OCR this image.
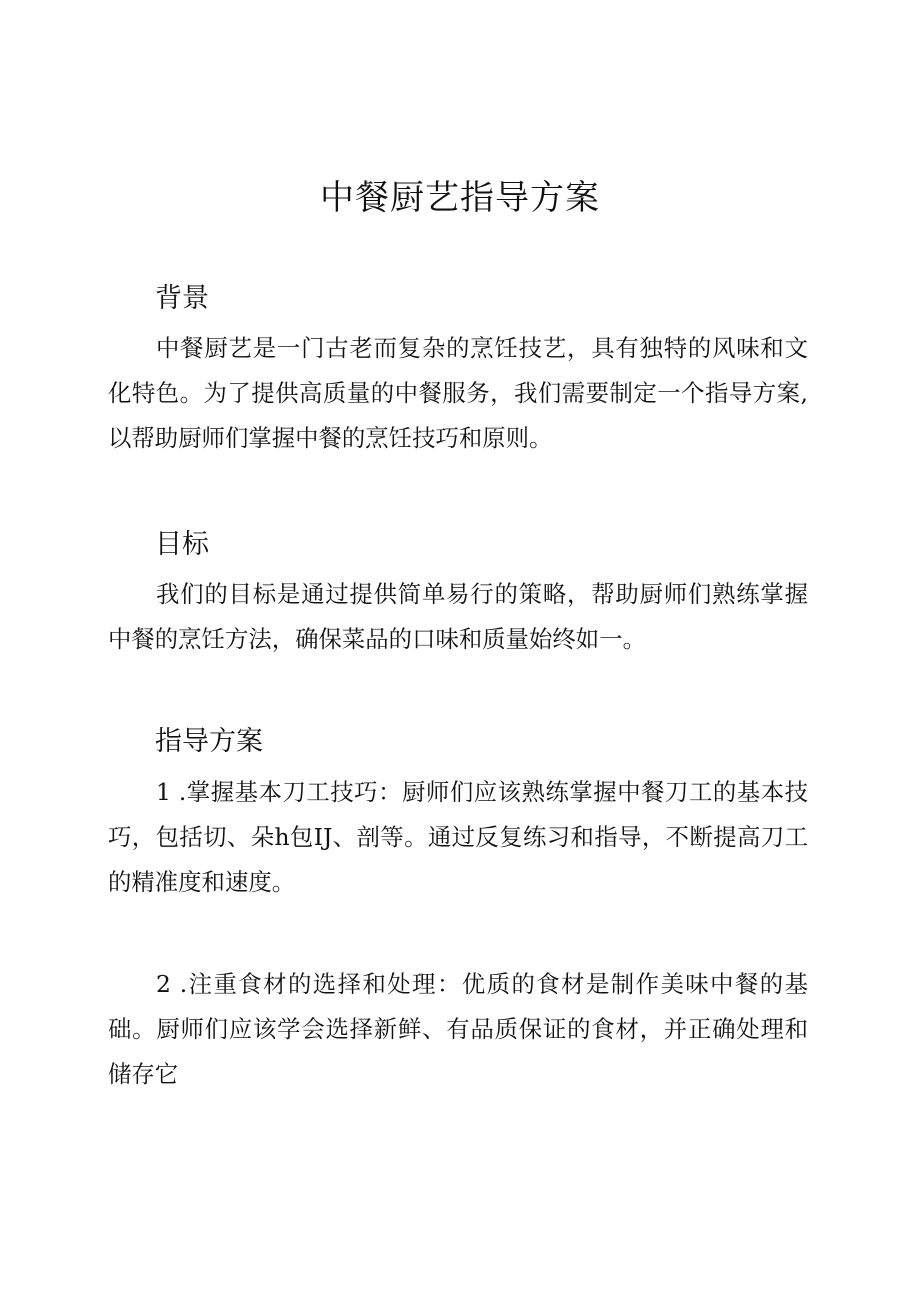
中餐厨艺指导方案
背景

中餐厨艺是一门古老而复杂的烹饪技艺，具有独特的风味和文化特色。为了提供高质量的中餐服务，我们需要制定一个指导方案,以帮助厨师们掌握中餐的烹饪技巧和原则。

目标

我们的目标是通过提供简单易行的策略，帮助厨师们熟练掌握中餐的烹饪方法，确保菜品的口味和质量始终如一。

指导方案

1 .掌握基本刀工技巧：厨师们应该熟练掌握中餐刀工的基本技巧，包括切、朵h包IJ、剖等。通过反复练习和指导，不断提高刀工的精准度和速度。

2 .注重食材的选择和处理：优质的食材是制作美味中餐的基础。厨师们应该学会选择新鲜、有品质保证的食材，并正确处理和储存它
